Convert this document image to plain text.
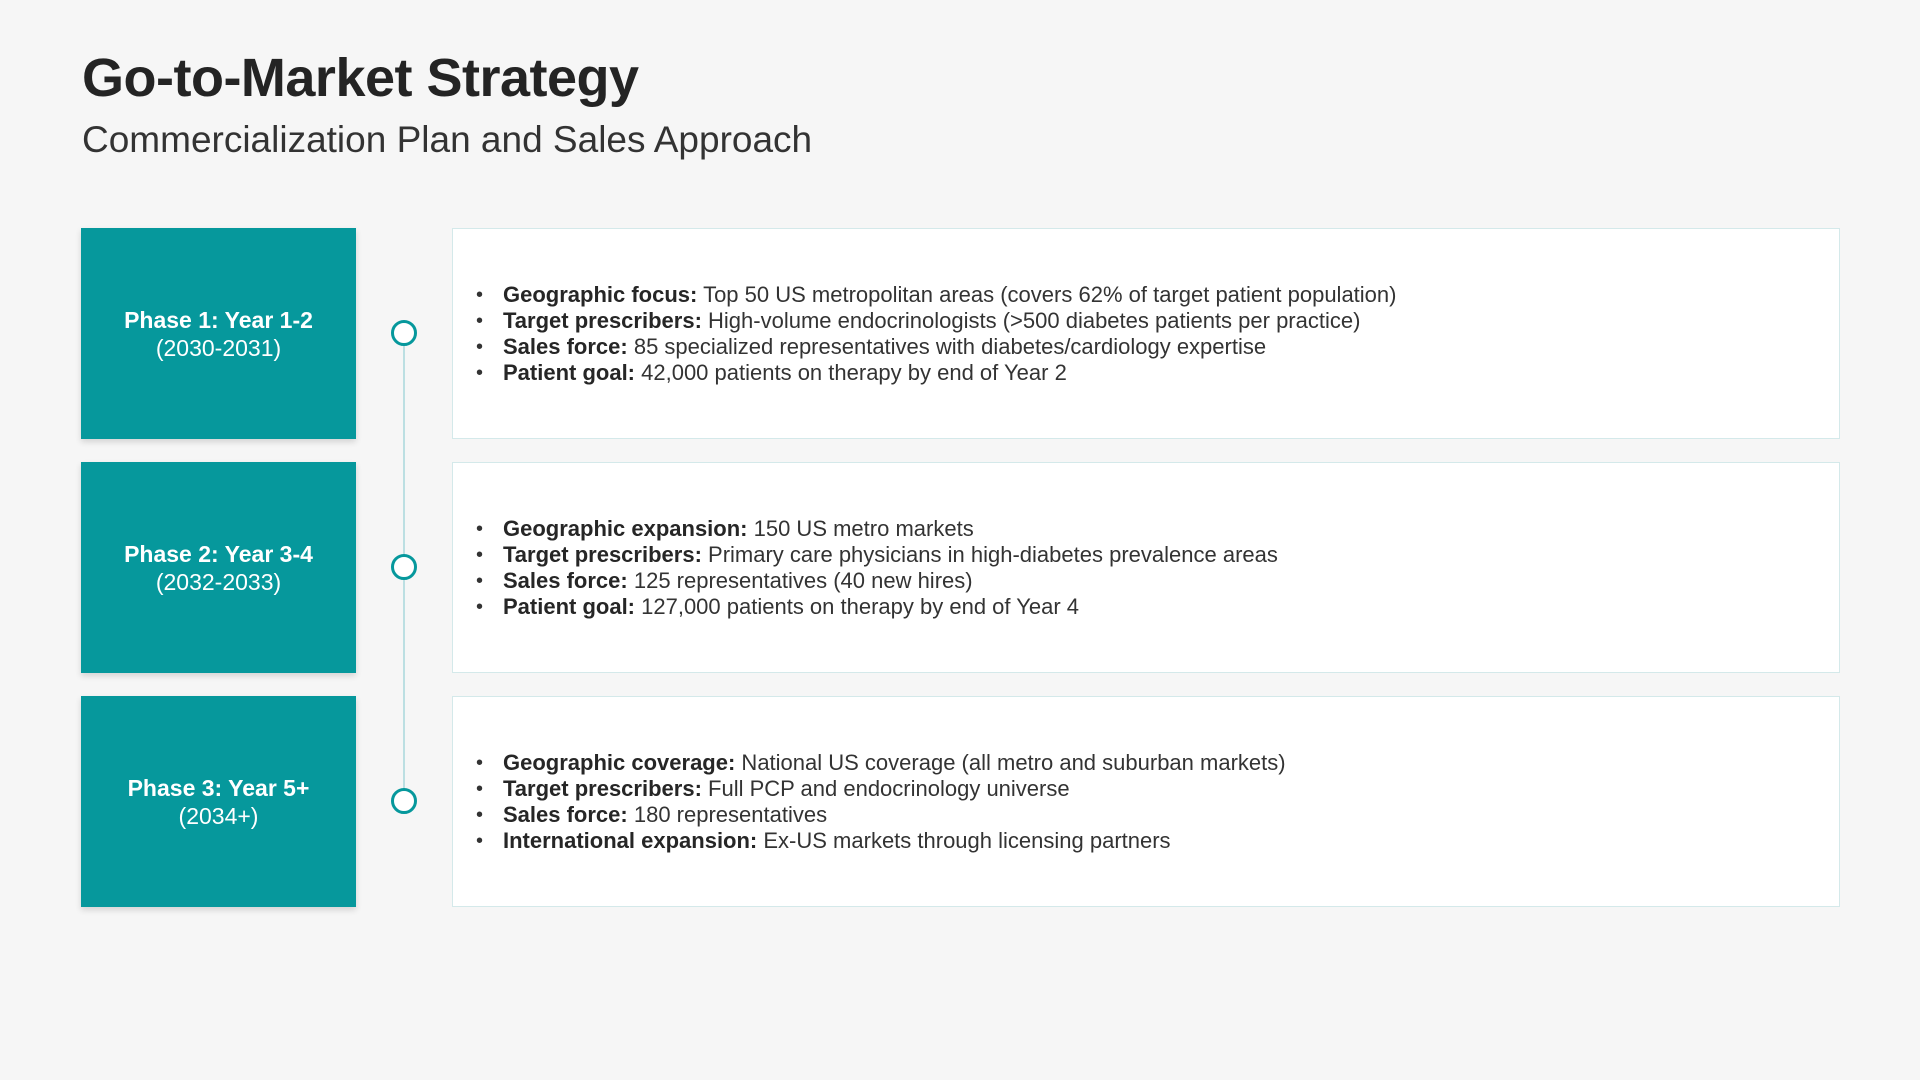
Go-to-Market Strategy
Commercialization Plan and Sales Approach
Phase 1: Year 1-2
(2030-2031)
• Geographic focus: Top 50 US metropolitan areas (covers 62% of target patient population)
• Target prescribers: High-volume endocrinologists (>500 diabetes patients per practice)
• Sales force: 85 specialized representatives with diabetes/cardiology expertise
• Patient goal: 42,000 patients on therapy by end of Year 2
Phase 2: Year 3-4
(2032-2033)
• Geographic expansion: 150 US metro markets
• Target prescribers: Primary care physicians in high-diabetes prevalence areas
• Sales force: 125 representatives (40 new hires)
• Patient goal: 127,000 patients on therapy by end of Year 4
Phase 3: Year 5+
(2034+)
• Geographic coverage: National US coverage (all metro and suburban markets)
• Target prescribers: Full PCP and endocrinology universe
• Sales force: 180 representatives
• International expansion: Ex-US markets through licensing partners
